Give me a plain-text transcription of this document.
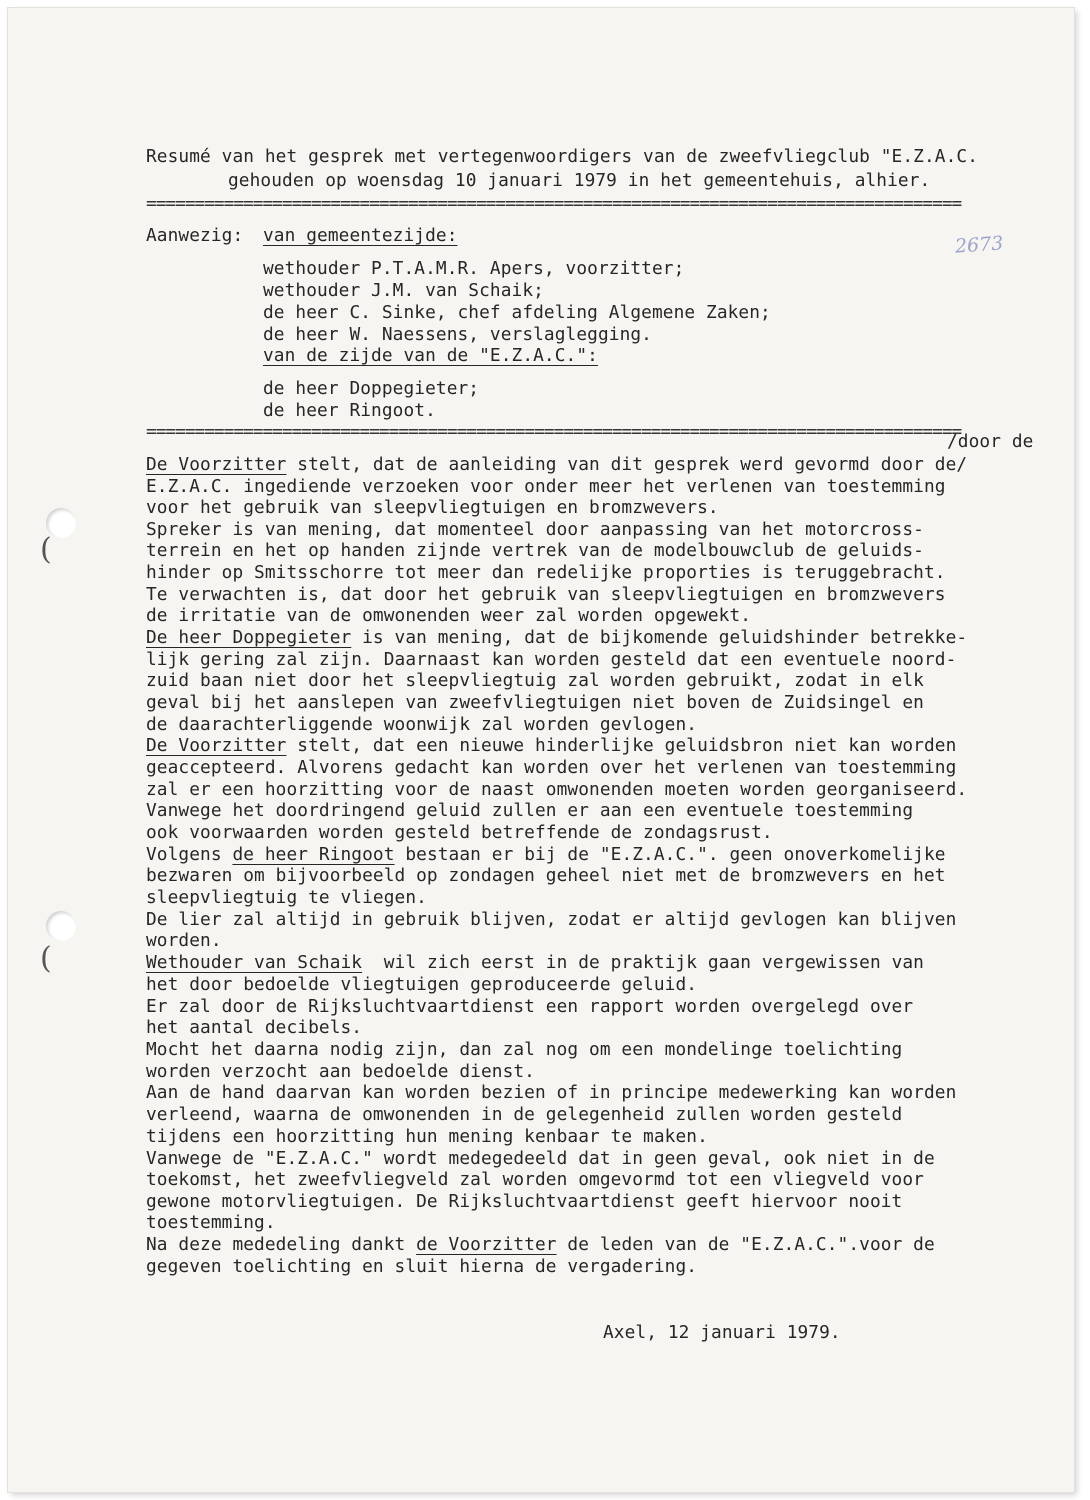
(
(
Resumé van het gesprek met vertegenwoordigers van de zweefvliegclub "E.Z.A.C.
gehouden op woensdag 10 januari 1979 in het gemeentehuis, alhier.
====================================================================================
Aanwezig: van gemeentezijde:
wethouder P.T.A.M.R. Apers, voorzitter;
wethouder J.M. van Schaik;
de heer C. Sinke, chef afdeling Algemene Zaken;
de heer W. Naessens, verslaglegging.
van de zijde van de "E.Z.A.C.":
de heer Doppegieter;
de heer Ringoot.
2673
====================================================================================
/door de
De Voorzitter stelt, dat de aanleiding van dit gesprek werd gevormd door de/
E.Z.A.C. ingediende verzoeken voor onder meer het verlenen van toestemming
voor het gebruik van sleepvliegtuigen en bromzwevers.
Spreker is van mening, dat momenteel door aanpassing van het motorcross-
terrein en het op handen zijnde vertrek van de modelbouwclub de geluids-
hinder op Smitsschorre tot meer dan redelijke proporties is teruggebracht.
Te verwachten is, dat door het gebruik van sleepvliegtuigen en bromzwevers
de irritatie van de omwonenden weer zal worden opgewekt.
De heer Doppegieter is van mening, dat de bijkomende geluidshinder betrekke-
lijk gering zal zijn. Daarnaast kan worden gesteld dat een eventuele noord-
zuid baan niet door het sleepvliegtuig zal worden gebruikt, zodat in elk
geval bij het aanslepen van zweefvliegtuigen niet boven de Zuidsingel en
de daarachterliggende woonwijk zal worden gevlogen.
De Voorzitter stelt, dat een nieuwe hinderlijke geluidsbron niet kan worden
geaccepteerd. Alvorens gedacht kan worden over het verlenen van toestemming
zal er een hoorzitting voor de naast omwonenden moeten worden georganiseerd.
Vanwege het doordringend geluid zullen er aan een eventuele toestemming
ook voorwaarden worden gesteld betreffende de zondagsrust.
Volgens de heer Ringoot bestaan er bij de "E.Z.A.C.". geen onoverkomelijke
bezwaren om bijvoorbeeld op zondagen geheel niet met de bromzwevers en het
sleepvliegtuig te vliegen.
De lier zal altijd in gebruik blijven, zodat er altijd gevlogen kan blijven
worden.
Wethouder van Schaik  wil zich eerst in de praktijk gaan vergewissen van
het door bedoelde vliegtuigen geproduceerde geluid.
Er zal door de Rijksluchtvaartdienst een rapport worden overgelegd over
het aantal decibels.
Mocht het daarna nodig zijn, dan zal nog om een mondelinge toelichting
worden verzocht aan bedoelde dienst.
Aan de hand daarvan kan worden bezien of in principe medewerking kan worden
verleend, waarna de omwonenden in de gelegenheid zullen worden gesteld
tijdens een hoorzitting hun mening kenbaar te maken.
Vanwege de "E.Z.A.C." wordt medegedeeld dat in geen geval, ook niet in de
toekomst, het zweefvliegveld zal worden omgevormd tot een vliegveld voor
gewone motorvliegtuigen. De Rijksluchtvaartdienst geeft hiervoor nooit
toestemming.
Na deze mededeling dankt de Voorzitter de leden van de "E.Z.A.C.".voor de
gegeven toelichting en sluit hierna de vergadering.
Axel, 12 januari 1979.
